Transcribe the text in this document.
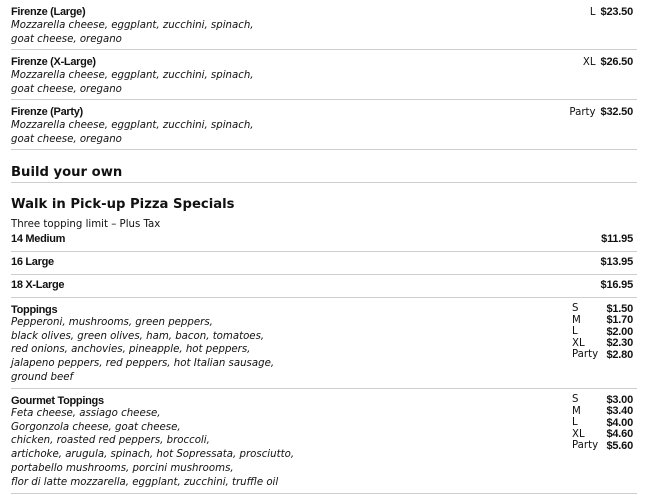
Firenze (Large)
Mozzarella cheese, eggplant, zucchini, spinach,
goat cheese, oregano
L $23.50
Firenze (X-Large)
Mozzarella cheese, eggplant, zucchini, spinach,
goat cheese, oregano
XL $26.50
Firenze (Party)
Mozzarella cheese, eggplant, zucchini, spinach,
goat cheese, oregano
Party $32.50
Build your own
Walk in Pick-up Pizza Specials
Three topping limit – Plus Tax
14 Medium	$11.95
16 Large	$13.95
18 X-Large	$16.95
Toppings
Pepperoni, mushrooms, green peppers,
black olives, green olives, ham, bacon, tomatoes,
red onions, anchovies, pineapple, hot peppers,
jalapeno peppers, red peppers, hot Italian sausage,
ground beef
S	$1.50
M	$1.70
L	$2.00
XL	$2.30
Party $2.80
Gourmet Toppings
Feta cheese, assiago cheese,
Gorgonzola cheese, goat cheese,
chicken, roasted red peppers, broccoli,
artichoke, arugula, spinach, hot Sopressata, prosciutto,
portabello mushrooms, porcini mushrooms,
flor di latte mozzarella, eggplant, zucchini, truffle oil
S	$3.00
M	$3.40
L	$4.00
XL	$4.60
Party $5.60
